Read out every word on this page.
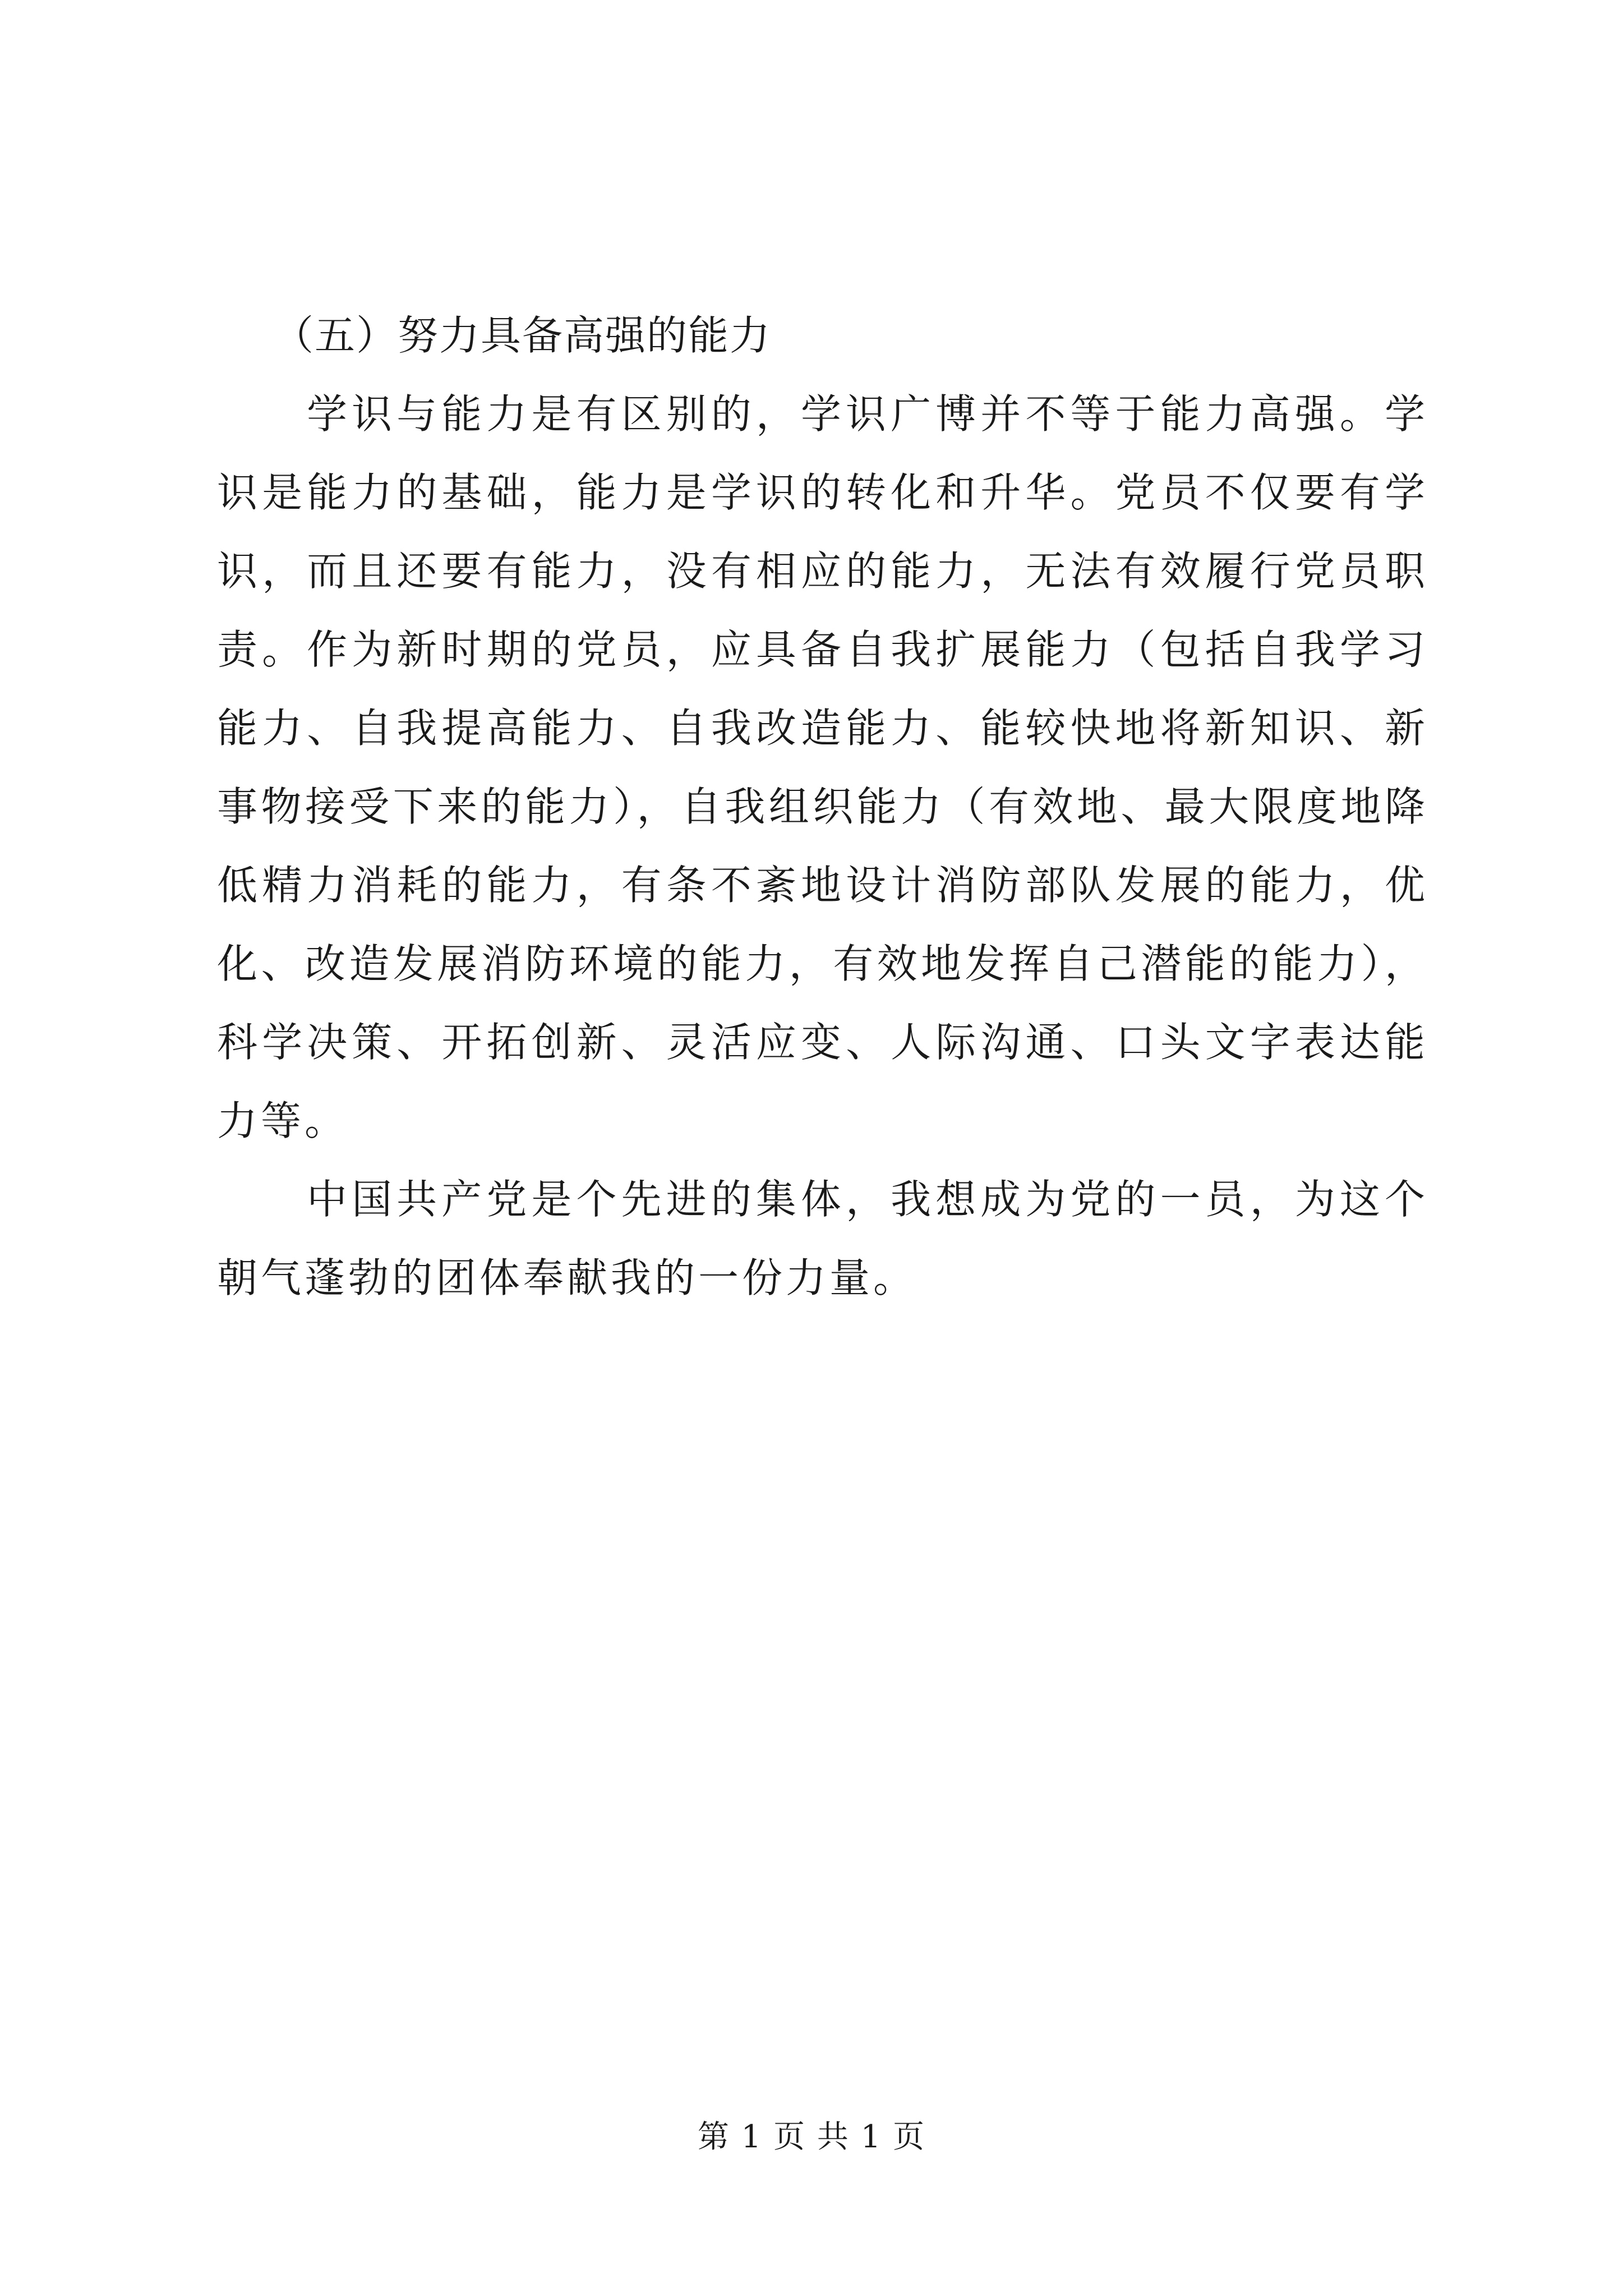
（五）努力具备高强的能力

学识与能力是有区别的，学识广博并不等于能力高强。学识是能力的基础，能力是学识的转化和升华。党员不仅要有学识，而且还要有能力，没有相应的能力，无法有效履行党员职责。作为新时期的党员，应具备自我扩展能力（包括自我学习能力、自我提高能力、自我改造能力、能较快地将新知识、新事物接受下来的能力），自我组织能力（有效地、最大限度地降低精力消耗的能力，有条不紊地设计消防部队发展的能力，优化、改造发展消防环境的能力，有效地发挥自己潜能的能力），科学决策、开拓创新、灵活应变、人际沟通、口头文字表达能力等。

中国共产党是个先进的集体，我想成为党的一员，为这个朝气蓬勃的团体奉献我的一份力量。

第 1 页 共 1 页
